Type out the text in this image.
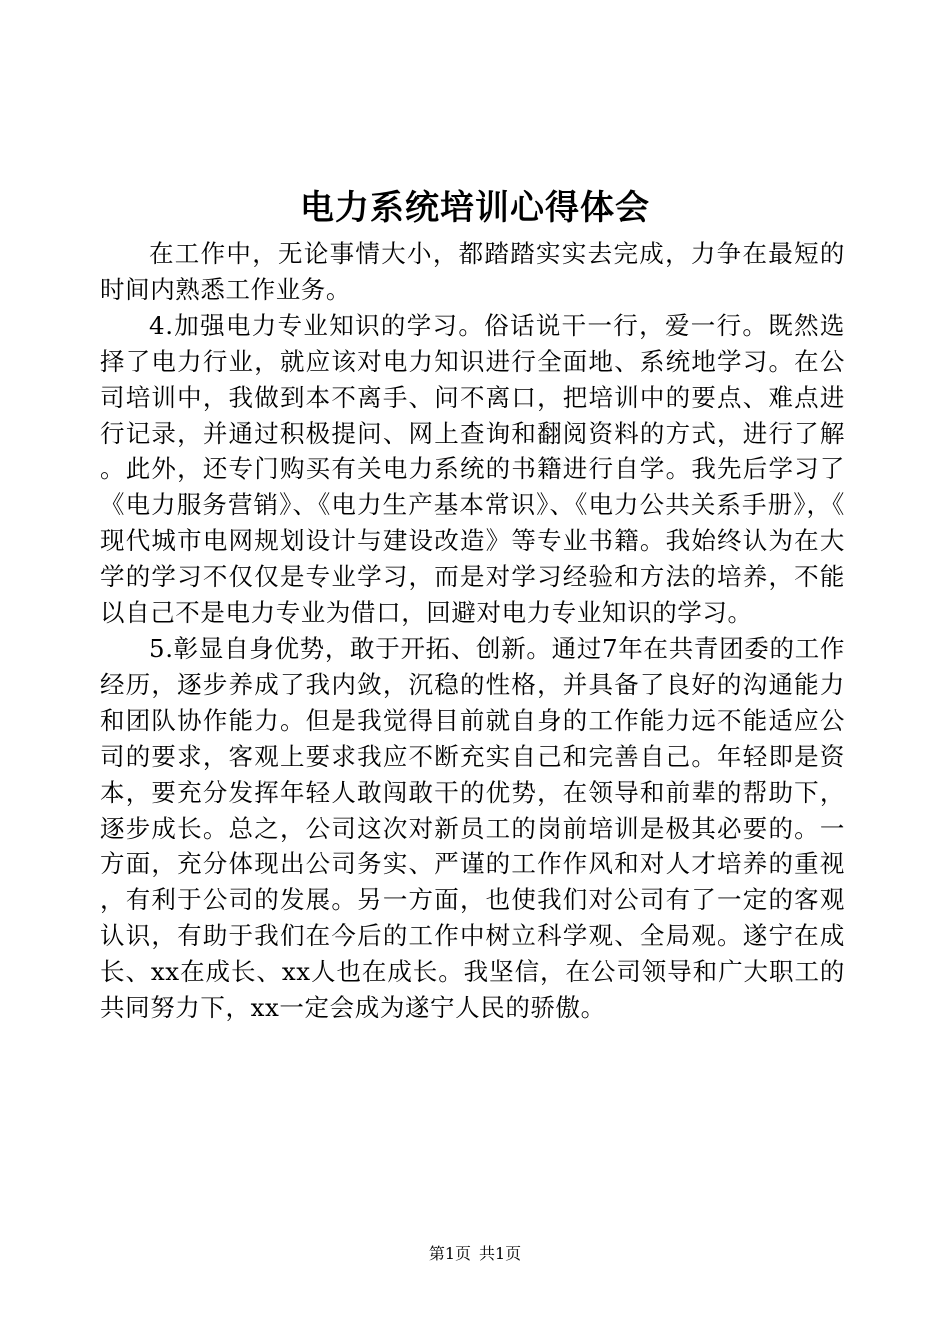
电力系统培训心得体会

在工作中，无论事情大小，都踏踏实实去完成，力争在最短的时间内熟悉工作业务。

4.加强电力专业知识的学习。俗话说干一行，爱一行。既然选择了电力行业，就应该对电力知识进行全面地、系统地学习。在公司培训中，我做到本不离手、问不离口，把培训中的要点、难点进行记录，并通过积极提问、网上查询和翻阅资料的方式，进行了解。此外，还专门购买有关电力系统的书籍进行自学。我先后学习了《电力服务营销》、《电力生产基本常识》、《电力公共关系手册》，《现代城市电网规划设计与建设改造》等专业书籍。我始终认为在大学的学习不仅仅是专业学习，而是对学习经验和方法的培养，不能以自己不是电力专业为借口，回避对电力专业知识的学习。

5.彰显自身优势，敢于开拓、创新。通过7年在共青团委的工作经历，逐步养成了我内敛，沉稳的性格，并具备了良好的沟通能力和团队协作能力。但是我觉得目前就自身的工作能力远不能适应公司的要求，客观上要求我应不断充实自己和完善自己。年轻即是资本，要充分发挥年轻人敢闯敢干的优势，在领导和前辈的帮助下，逐步成长。总之，公司这次对新员工的岗前培训是极其必要的。一方面，充分体现出公司务实、严谨的工作作风和对人才培养的重视，有利于公司的发展。另一方面，也使我们对公司有了一定的客观认识，有助于我们在今后的工作中树立科学观、全局观。遂宁在成长、xx在成长、xx人也在成长。我坚信，在公司领导和广大职工的共同努力下，xx一定会成为遂宁人民的骄傲。

第1页 共1页
